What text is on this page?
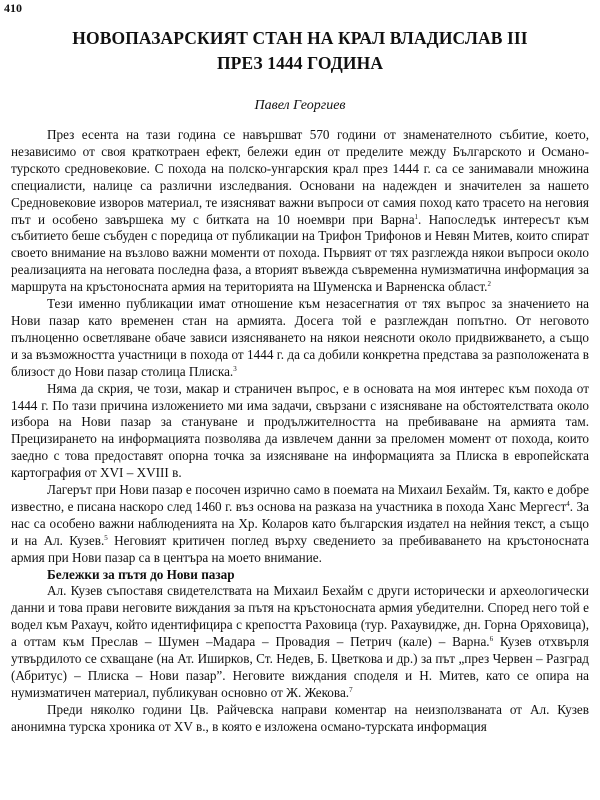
410
НОВОПАЗАРСКИЯТ СТАН НА КРАЛ ВЛАДИСЛАВ III
ПРЕЗ 1444 ГОДИНА
Павел Георгиев

През есента на тази година се навършват 570 години от знаменателното събитие, което, независимо от своя краткотраен ефект, бележи един от пределите между Българското и Османо-турското средновековие. С похода на полско-унгарския крал през 1444 г. са се занимавали множина специалисти, налице са различни изследвания. Основани на надежден и значителен за нашето Средновековие изворов материал, те изясняват важни въпроси от самия поход като трасето на неговия път и особено завършека му с битката на 10 ноември при Варна$^1$. Напоследък интересът към събитието беше събуден с поредица от публикации на Трифон Трифонов и Невян Митев, които спират своето внимание на възлово важни моменти от похода. Първият от тях разглежда някои въпроси около реализацията на неговата последна фаза, а вторият въвежда съвременна нумизматична информация за маршрута на кръстоносната армия на територията на Шуменска и Варненска област.$^2$

Тези именно публикации имат отношение към незасегнатия от тях въпрос за значението на Нови пазар като временен стан на армията. Досега той е разглеждан попътно. От неговото пълноценно осветляване обаче зависи изясняването на някои неясноти около придвижването, а също и за възможността участници в похода от 1444 г. да са добили конкретна представа за разположената в близост до Нови пазар столица Плиска.$^3$

Няма да скрия, че този, макар и страничен въпрос, е в основата на моя интерес към похода от 1444 г. По тази причина изложението ми има задачи, свързани с изясняване на обстоятелствата около избора на Нови пазар за стануване и продължителността на пребиваване на армията там. Прецизирането на информацията позволява да извлечем данни за преломен момент от похода, които заедно с това предоставят опорна точка за изясняване на информацията за Плиска в европейската картография от XVI – XVIII в.

Лагерът при Нови пазар е посочен изрично само в поемата на Михаил Бехайм. Тя, както е добре известно, е писана наскоро след 1460 г. въз основа на разказа на участника в похода Ханс Мергест$^4$. За нас са особено важни наблюденията на Хр. Коларов като българския издател на нейния текст, а също и на Ал. Кузев.$^5$ Неговият критичен поглед върху сведението за пребиваването на кръстоносната армия при Нови пазар са в центъра на моето внимание.

Бележки за пътя до Нови пазар

Ал. Кузев съпоставя свидетелствата на Михаил Бехайм с други исторически и археологически данни и това прави неговите виждания за пътя на кръстоносната армия убедителни. Според него той е водел към Рахауч, който идентифицира с крепостта Раховица (тур. Рахаувидже, дн. Горна Оряховица), а оттам към Преслав – Шумен –Мадара – Провадия – Петрич (кале) – Варна.$^6$ Кузев отхвърля утвърдилото се схващане (на Ат. Иширков, Ст. Недев, Б. Цветкова и др.) за път „през Червен – Разград (Абритус) – Плиска – Нови пазар”. Неговите виждания споделя и Н. Митев, като се опира на нумизматичен материал, публикуван основно от Ж. Жекова.$^7$

Преди няколко години Цв. Райчевска направи коментар на неизползваната от Ал. Кузев анонимна турска хроника от XV в., в която е изложена османо-турската информация
